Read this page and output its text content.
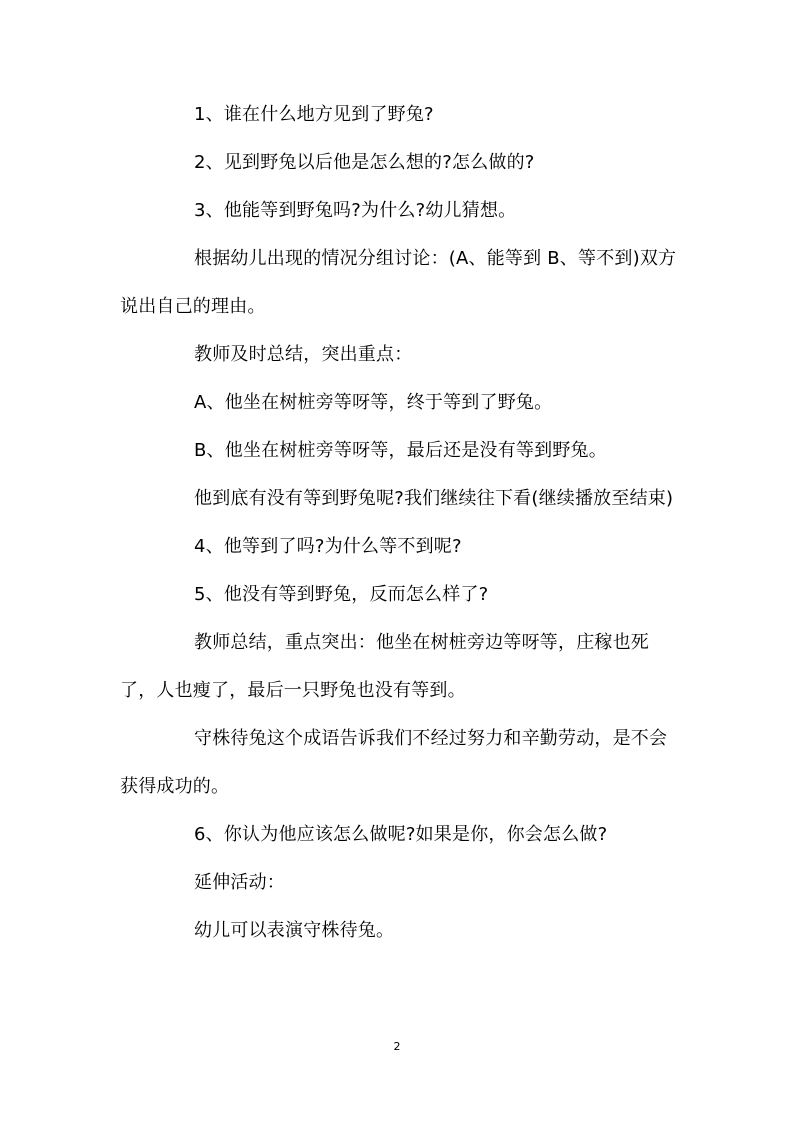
1、谁在什么地方见到了野兔?

2、见到野兔以后他是怎么想的?怎么做的?

3、他能等到野兔吗?为什么?幼儿猜想。

根据幼儿出现的情况分组讨论：(A、能等到 B、等不到)双方说出自己的理由。

教师及时总结，突出重点：

A、他坐在树桩旁等呀等，终于等到了野兔。

B、他坐在树桩旁等呀等，最后还是没有等到野兔。

他到底有没有等到野兔呢?我们继续往下看(继续播放至结束)

4、他等到了吗?为什么等不到呢?

5、他没有等到野兔，反而怎么样了?

教师总结，重点突出：他坐在树桩旁边等呀等，庄稼也死了，人也瘦了，最后一只野兔也没有等到。

守株待兔这个成语告诉我们不经过努力和辛勤劳动，是不会获得成功的。

6、你认为他应该怎么做呢?如果是你，你会怎么做?

延伸活动：

幼儿可以表演守株待兔。

2
